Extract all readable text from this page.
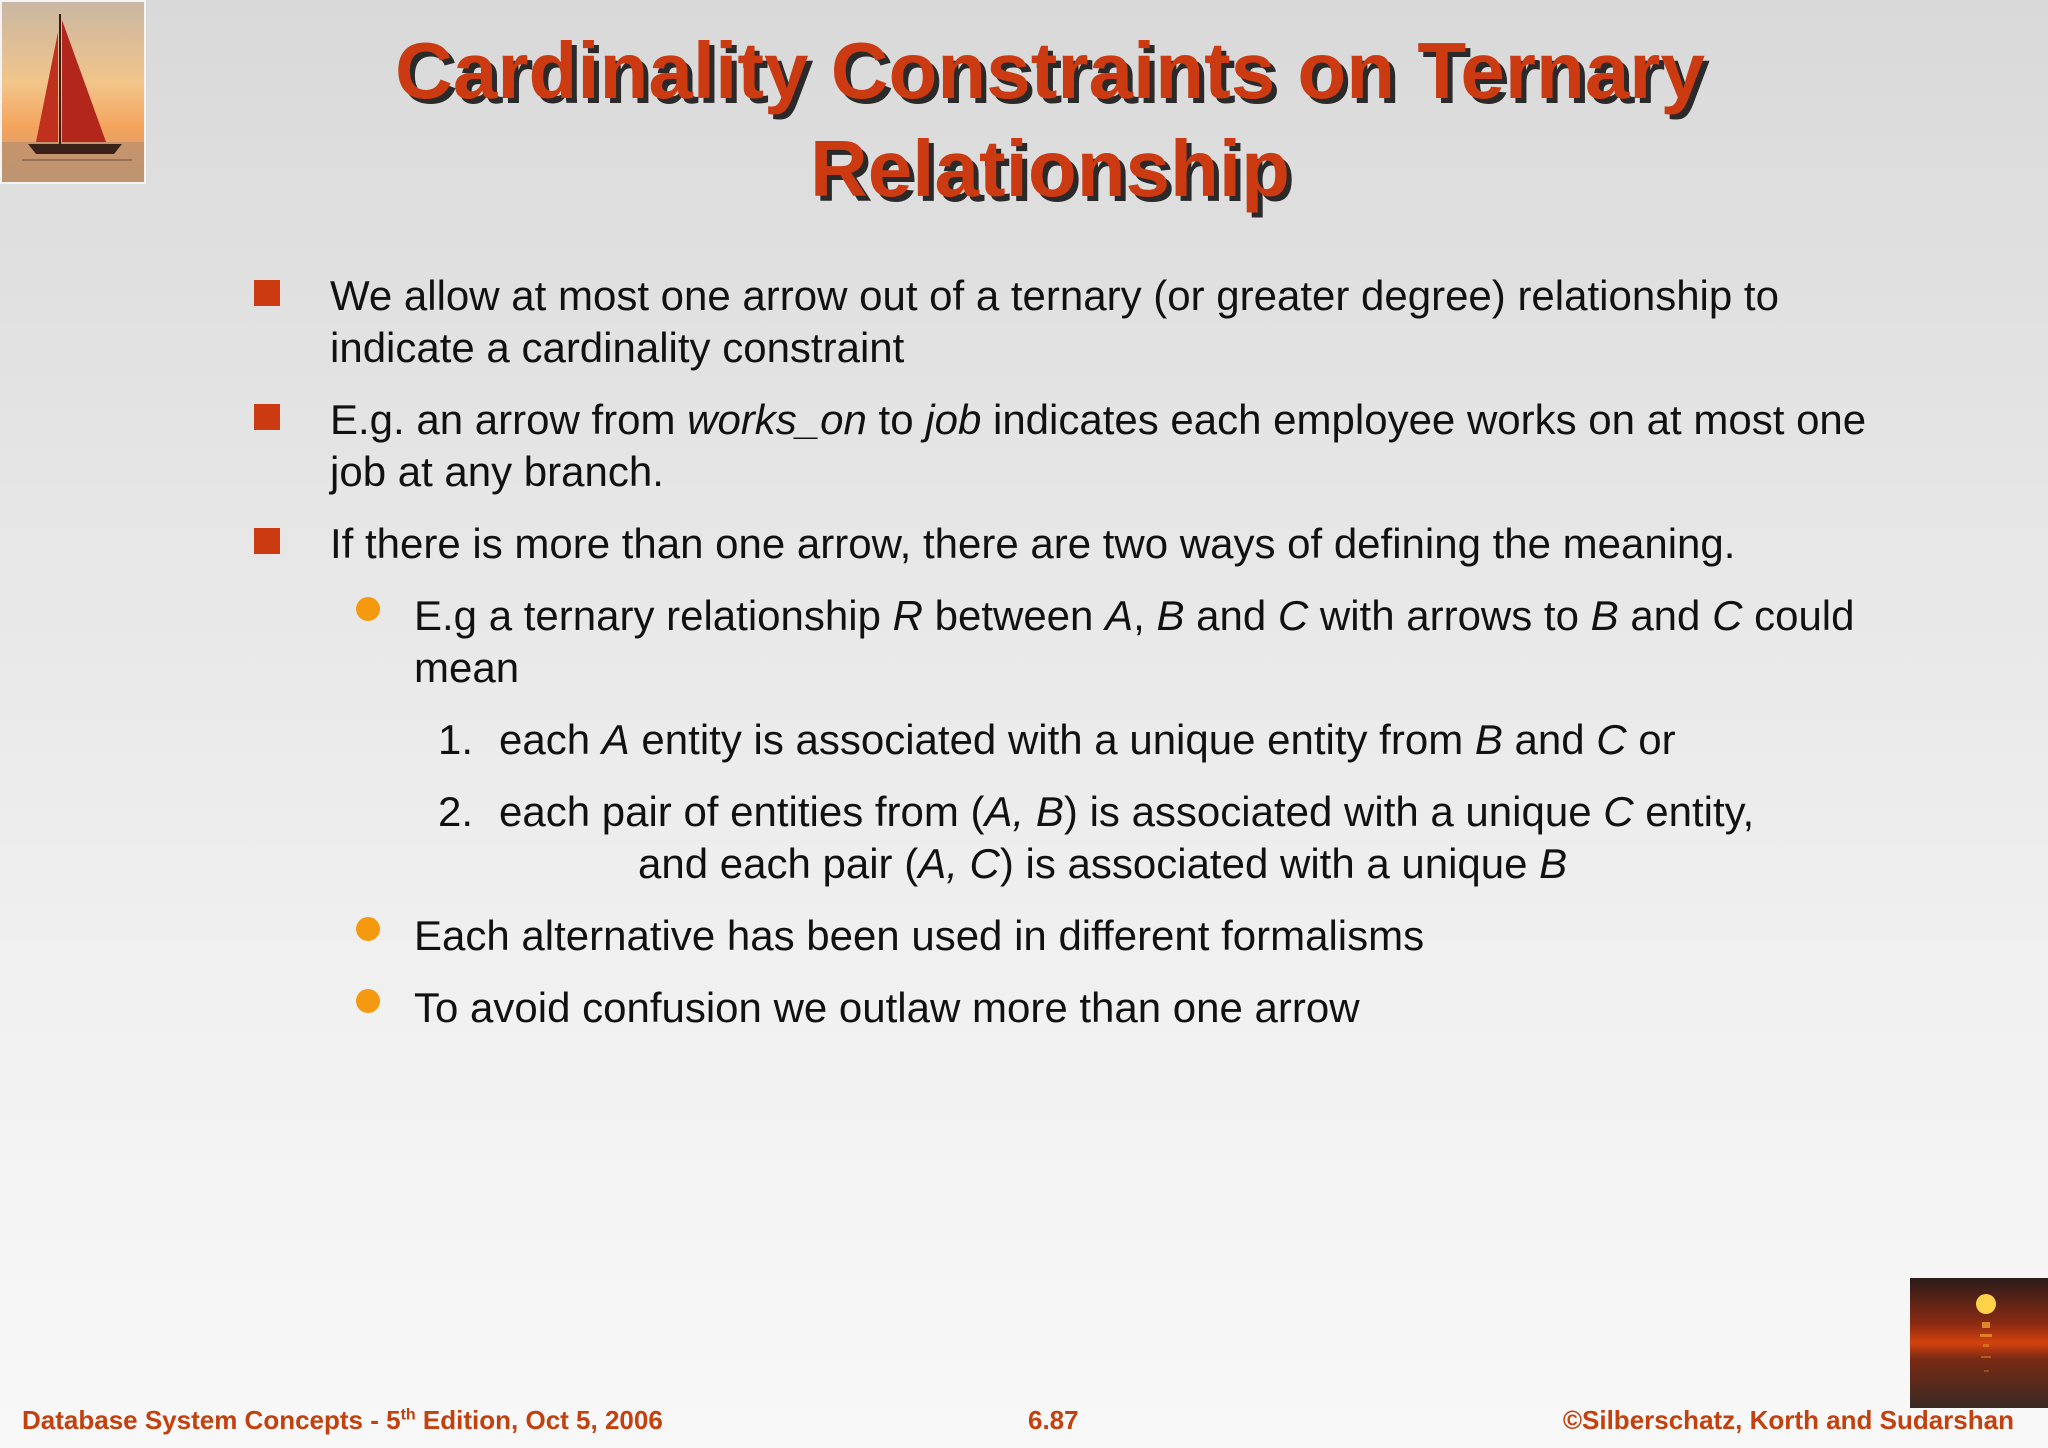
Cardinality Constraints on Ternary
Relationship

We allow at most one arrow out of a ternary (or greater degree) relationship to

indicate a cardinality constraint

E.g. an arrow from works_on to job indicates each employee works on at most one

job at any branch.

If there is more than one arrow, there are two ways of defining the meaning.

E.g a ternary relationship R between A, B and C with arrows to B and C could

mean

1. each A entity is associated with a unique entity from B and C or

2. each pair of entities from (A, B) is associated with a unique C entity,

and each pair (A, C) is associated with a unique B

Each alternative has been used in different formalisms

To avoid confusion we outlaw more than one arrow

Database System Concepts - 5th Edition, Oct 5, 2006	6.87	©Silberschatz, Korth and Sudarshan
